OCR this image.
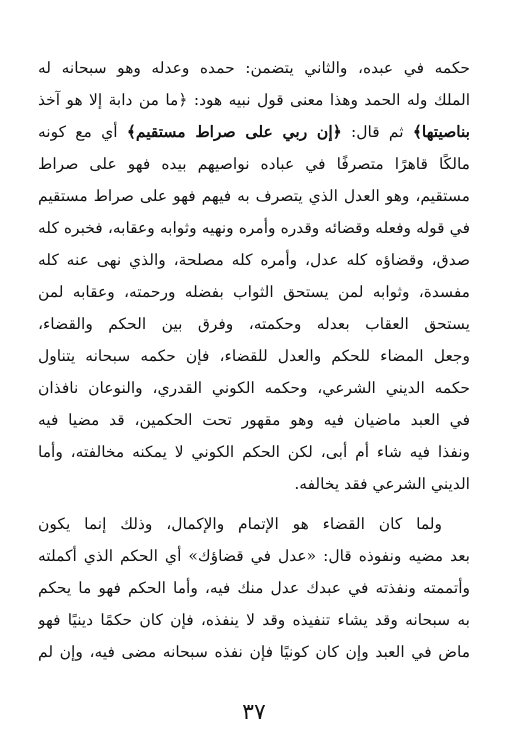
حكمه في عبده، والثاني يتضمن: حمده وعدله وهو سبحانه له
الملك وله الحمد وهذا معنى قول نبيه هود: ﴿ما من دابة إلا هو آخذ
بناصيتها﴾ ثم قال: ﴿إن ربي على صراط مستقيم﴾ أي مع كونه
مالكًا قاهرًا متصرفًا في عباده نواصيهم بيده فهو على صراط
مستقيم، وهو العدل الذي يتصرف به فيهم فهو على صراط مستقيم
في قوله وفعله وقضائه وقدره وأمره ونهيه وثوابه وعقابه، فخبره كله
صدق، وقضاؤه كله عدل، وأمره كله مصلحة، والذي نهى عنه كله
مفسدة، وثوابه لمن يستحق الثواب بفضله ورحمته، وعقابه لمن
يستحق العقاب بعدله وحكمته، وفرق بين الحكم والقضاء،
وجعل المضاء للحكم والعدل للقضاء، فإن حكمه سبحانه يتناول
حكمه الديني الشرعي، وحكمه الكوني القدري، والنوعان نافذان
في العبد ماضيان فيه وهو مقهور تحت الحكمين، قد مضيا فيه
ونفذا فيه شاء أم أبى، لكن الحكم الكوني لا يمكنه مخالفته، وأما
الديني الشرعي فقد يخالفه.
ولما كان القضاء هو الإتمام والإكمال، وذلك إنما يكون
بعد مضيه ونفوذه قال: «عدل في قضاؤك» أي الحكم الذي أكملته
وأتممته ونفذته في عبدك عدل منك فيه، وأما الحكم فهو ما يحكم
به سبحانه وقد يشاء تنفيذه وقد لا ينفذه، فإن كان حكمًا دينيًا فهو
ماض في العبد وإن كان كونيًا فإن نفذه سبحانه مضى فيه، وإن لم
٣٧
